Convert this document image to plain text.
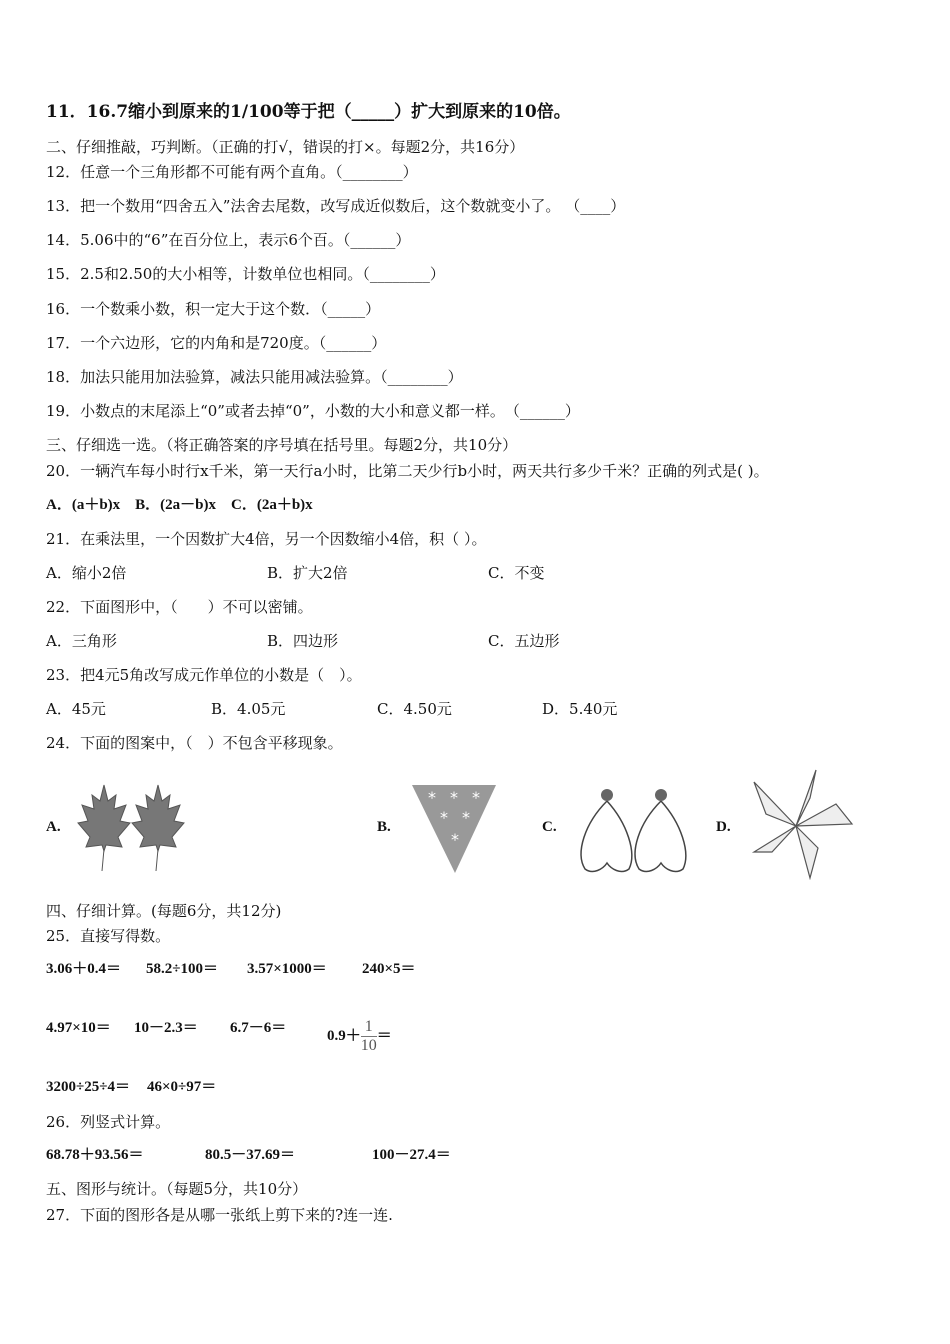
11．16.7缩小到原来的1/100等于把（_____）扩大到原来的10倍。
二、仔细推敲，巧判断。（正确的打√，错误的打×。每题2分，共16分）
12．任意一个三角形都不可能有两个直角。（________）
13．把一个数用“四舍五入”法舍去尾数，改写成近似数后，这个数就变小了。 （____）
14．5.06中的“6”在百分位上，表示6个百。（______）
15．2.5和2.50的大小相等，计数单位也相同。（________）
16．一个数乘小数，积一定大于这个数．（_____）
17．一个六边形，它的内角和是720度。（______）
18．加法只能用加法验算，减法只能用减法验算。（________）
19．小数点的末尾添上“0”或者去掉“0”，小数的大小和意义都一样。　（______）
三、仔细选一选。（将正确答案的序号填在括号里。每题2分，共10分）
20．一辆汽车每小时行x千米，第一天行a小时，比第二天少行b小时，两天共行多少千米？正确的列式是( )。
A．(a＋b)x　B．(2a－b)x　C．(2a＋b)x
21．在乘法里，一个因数扩大4倍，另一个因数缩小4倍，积（ ）。
A．缩小2倍	B．扩大2倍	C．不变
22．下面图形中，（　　）不可以密铺。
A．三角形	B．四边形	C．五边形
23．把4元5角改写成元作单位的小数是（　）。
A．45元	B．4.05元	C．4.50元	D．5.40元
24．下面的图案中，（　）不包含平移现象。
A.	B.
* * *
* *
*
C.	D.
四、仔细计算。(每题6分，共12分)
25．直接写得数。
3.06＋0.4＝ 58.2÷100＝ 3.57×1000＝ 240×5＝
4.97×10＝ 10－2.3＝ 6.7－6＝	$0.9+ \frac{1}{10}$ ＝
3200÷25÷4＝ 46×0÷97＝
26．列竖式计算。
68.78＋93.56＝	80.5－37.69＝	100－27.4＝
五、图形与统计。（每题5分，共10分）
27．下面的图形各是从哪一张纸上剪下来的?连一连.
